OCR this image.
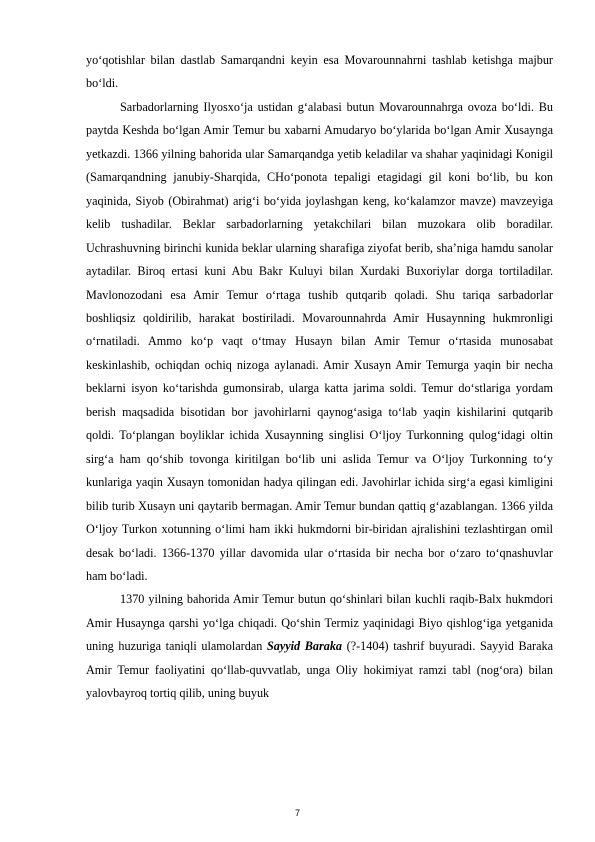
yo‘qotishlar bilan dastlab Samarqandni keyin esa Movarounnahrni tashlab ketishga majbur bo‘ldi.

Sarbadorlarning Ilyosxo‘ja ustidan g‘alabasi butun Movarounnahrga ovoza bo‘ldi. Bu paytda Keshda bo‘lgan Amir Temur bu xabarni Amudaryo bo‘ylarida bo‘lgan Amir Xusaynga yetkazdi. 1366 yilning bahorida ular Samarqandga yetib keladilar va shahar yaqinidagi Konigil (Samarqandning janubiy-Sharqida, CHo‘ponota tepaligi etagidagi gil koni bo‘lib, bu kon yaqinida, Siyob (Obirahmat) arig‘i bo‘yida joylashgan keng, ko‘kalamzor mavze) mavzeyiga kelib tushadilar. Beklar sarbadorlarning yetakchilari bilan muzokara olib boradilar. Uchrashuvning birinchi kunida beklar ularning sharafiga ziyofat berib, sha’niga hamdu sanolar aytadilar. Biroq ertasi kuni Abu Bakr Kuluyi bilan Xurdaki Buxoriylar dorga tortiladilar. Mavlonozodani esa Amir Temur o‘rtaga tushib qutqarib qoladi. Shu tariqa sarbadorlar boshliqsiz qoldirilib, harakat bostiriladi. Movarounnahrda Amir Husaynning hukmronligi o‘rnatiladi. Ammo ko‘p vaqt o‘tmay Husayn bilan Amir Temur o‘rtasida munosabat keskinlashib, ochiqdan ochiq nizoga aylanadi. Amir Xusayn Amir Temurga yaqin bir necha beklarni isyon ko‘tarishda gumonsirab, ularga katta jarima soldi. Temur do‘stlariga yordam berish maqsadida bisotidan bor javohirlarni qaynog‘asiga to‘lab yaqin kishilarini qutqarib qoldi. To‘plangan boyliklar ichida Xusaynning singlisi O‘ljoy Turkonning qulog‘idagi oltin sirg‘a ham qo‘shib tovonga kiritilgan bo‘lib uni aslida Temur va O‘ljoy Turkonning to‘y kunlariga yaqin Xusayn tomonidan hadya qilingan edi. Javohirlar ichida sirg‘a egasi kimligini bilib turib Xusayn uni qaytarib bermagan. Amir Temur bundan qattiq g‘azablangan. 1366 yilda O‘ljoy Turkon xotunning o‘limi ham ikki hukmdorni bir-biridan ajralishini tezlashtirgan omil desak bo‘ladi. 1366-1370 yillar davomida ular o‘rtasida bir necha bor o‘zaro to‘qnashuvlar ham bo‘ladi.

1370 yilning bahorida Amir Temur butun qo‘shinlari bilan kuchli raqib-Balx hukmdori Amir Husaynga qarshi yo‘lga chiqadi. Qo‘shin Termiz yaqinidagi Biyo qishlog‘iga yetganida uning huzuriga taniqli ulamolardan Sayyid Baraka (?-1404) tashrif buyuradi. Sayyid Baraka Amir Temur faoliyatini qo‘llab-quvvatlab, unga Oliy hokimiyat ramzi tabl (nog‘ora) bilan yalovbayroq tortiq qilib, uning buyuk

7
